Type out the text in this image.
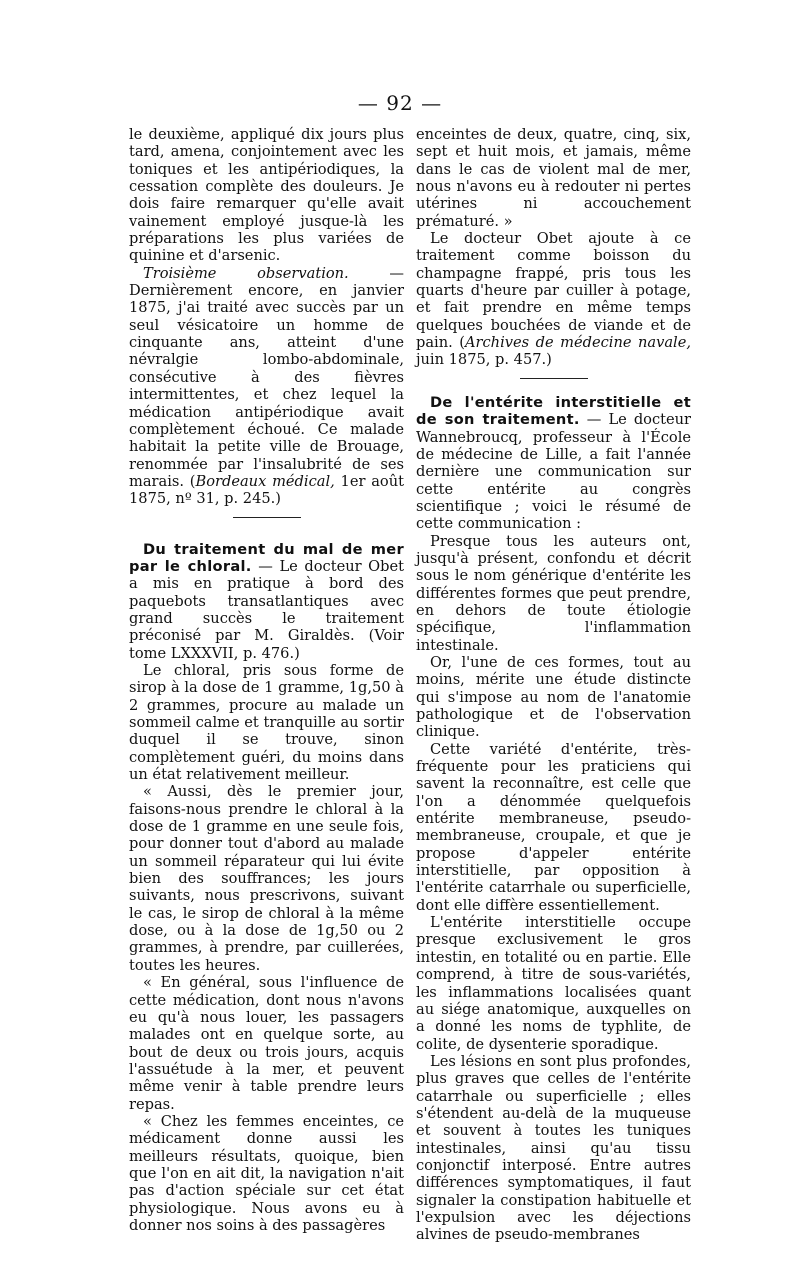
— 92 —

le deuxième, appliqué dix jours plus tard, amena, conjointement avec les toniques et les antipériodiques, la cessation complète des douleurs. Je dois faire remarquer qu'elle avait vainement employé jusque-là les préparations les plus variées de quinine et d'arsenic.

Troisième observation. — Dernièrement encore, en janvier 1875, j'ai traité avec succès par un seul vésicatoire un homme de cinquante ans, atteint d'une névralgie lombo-abdominale, consécutive à des fièvres intermittentes, et chez lequel la médication antipériodique avait complètement échoué. Ce malade habitait la petite ville de Brouage, renommée par l'insalubrité de ses marais. (Bordeaux médical, 1er août 1875, nº 31, p. 245.)

Du traitement du mal de mer par le chloral. — Le docteur Obet a mis en pratique à bord des paquebots transatlantiques avec grand succès le traitement préconisé par M. Giraldès. (Voir tome LXXXVII, p. 476.)

Le chloral, pris sous forme de sirop à la dose de 1 gramme, 1g,50 à 2 grammes, procure au malade un sommeil calme et tranquille au sortir duquel il se trouve, sinon complètement guéri, du moins dans un état relativement meilleur.

« Aussi, dès le premier jour, faisons-nous prendre le chloral à la dose de 1 gramme en une seule fois, pour donner tout d'abord au malade un sommeil réparateur qui lui évite bien des souffrances; les jours suivants, nous prescrivons, suivant le cas, le sirop de chloral à la même dose, ou à la dose de 1g,50 ou 2 grammes, à prendre, par cuillerées, toutes les heures.

« En général, sous l'influence de cette médication, dont nous n'avons eu qu'à nous louer, les passagers malades ont en quelque sorte, au bout de deux ou trois jours, acquis l'assuétude à la mer, et peuvent même venir à table prendre leurs repas.

« Chez les femmes enceintes, ce médicament donne aussi les meilleurs résultats, quoique, bien que l'on en ait dit, la navigation n'ait pas d'action spéciale sur cet état physiologique. Nous avons eu à donner nos soins à des passagères

enceintes de deux, quatre, cinq, six, sept et huit mois, et jamais, même dans le cas de violent mal de mer, nous n'avons eu à redouter ni pertes utérines ni accouchement prématuré. »

Le docteur Obet ajoute à ce traitement comme boisson du champagne frappé, pris tous les quarts d'heure par cuiller à potage, et fait prendre en même temps quelques bouchées de viande et de pain. (Archives de médecine navale, juin 1875, p. 457.)

De l'entérite interstitielle et de son traitement. — Le docteur Wannebroucq, professeur à l'École de médecine de Lille, a fait l'année dernière une communication sur cette entérite au congrès scientifique ; voici le résumé de cette communication :

Presque tous les auteurs ont, jusqu'à présent, confondu et décrit sous le nom générique d'entérite les différentes formes que peut prendre, en dehors de toute étiologie spécifique, l'inflammation intestinale.

Or, l'une de ces formes, tout au moins, mérite une étude distincte qui s'impose au nom de l'anatomie pathologique et de l'observation clinique.

Cette variété d'entérite, très-fréquente pour les praticiens qui savent la reconnaître, est celle que l'on a dénommée quelquefois entérite membraneuse, pseudo-membraneuse, croupale, et que je propose d'appeler entérite interstitielle, par opposition à l'entérite catarrhale ou superficielle, dont elle diffère essentiellement.

L'entérite interstitielle occupe presque exclusivement le gros intestin, en totalité ou en partie. Elle comprend, à titre de sous-variétés, les inflammations localisées quant au siége anatomique, auxquelles on a donné les noms de typhlite, de colite, de dysenterie sporadique.

Les lésions en sont plus profondes, plus graves que celles de l'entérite catarrhale ou superficielle ; elles s'étendent au-delà de la muqueuse et souvent à toutes les tuniques intestinales, ainsi qu'au tissu conjonctif interposé. Entre autres différences symptomatiques, il faut signaler la constipation habituelle et l'expulsion avec les déjections alvines de pseudo-membranes
